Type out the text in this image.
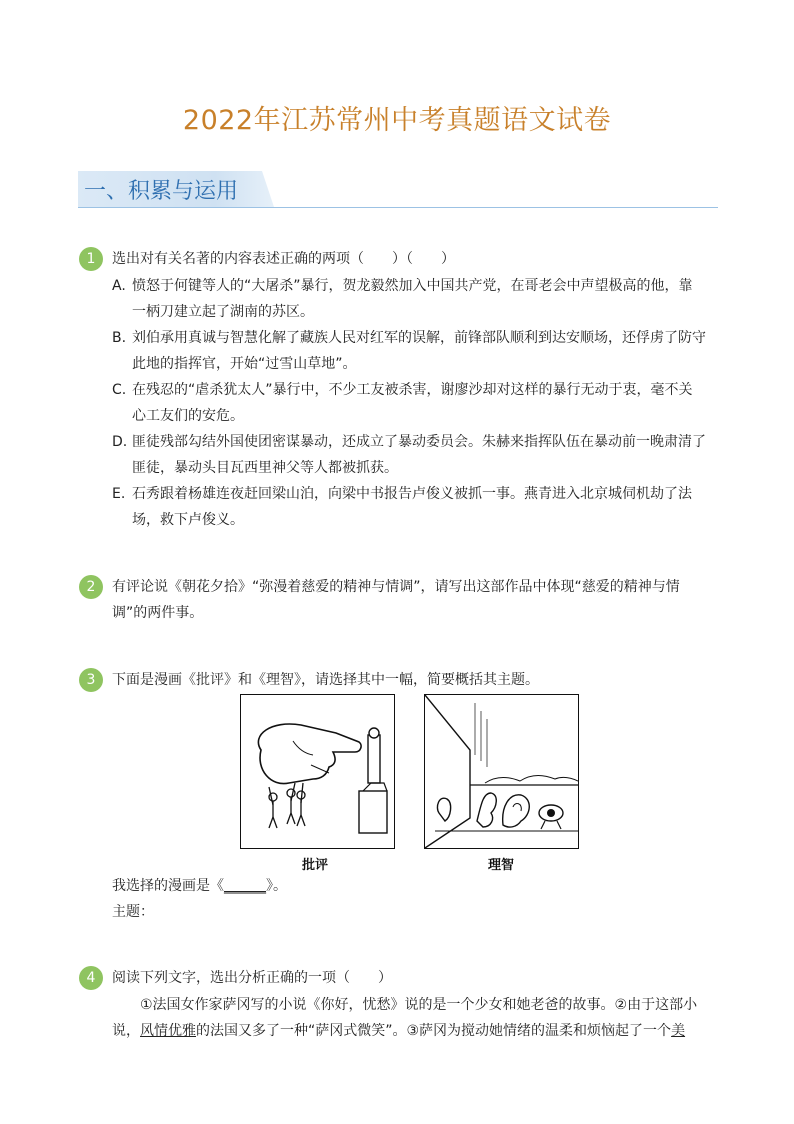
2022年江苏常州中考真题语文试卷
一、积累与运用
1	选出对有关名著的内容表述正确的两项（　　）（　　）
A. 愤怒于何键等人的“大屠杀”暴行，贺龙毅然加入中国共产党，在哥老会中声望极高的他，靠
一柄刀建立起了湖南的苏区。
B. 刘伯承用真诚与智慧化解了藏族人民对红军的误解，前锋部队顺利到达安顺场，还俘虏了防守
此地的指挥官，开始“过雪山草地”。
C. 在残忍的“虐杀犹太人”暴行中，不少工友被杀害，谢廖沙却对这样的暴行无动于衷，毫不关
心工友们的安危。
D. 匪徒残部勾结外国使团密谋暴动，还成立了暴动委员会。朱赫来指挥队伍在暴动前一晚肃清了
匪徒，暴动头目瓦西里神父等人都被抓获。
E. 石秀跟着杨雄连夜赶回梁山泊，向梁中书报告卢俊义被抓一事。燕青进入北京城伺机劫了法
场，救下卢俊义。
2	有评论说《朝花夕拾》“弥漫着慈爱的精神与情调”，请写出这部作品中体现“慈爱的精神与情
调”的两件事。
3	下面是漫画《批评》和《理智》，请选择其中一幅，简要概括其主题。
批评	理智
我选择的漫画是《______》。
主题：
4	阅读下列文字，选出分析正确的一项（　　）
①法国女作家萨冈写的小说《你好，忧愁》说的是一个少女和她老爸的故事。②由于这部小
说，风情优雅的法国又多了一种“萨冈式微笑”。③萨冈为搅动她情绪的温柔和烦恼起了一个美
